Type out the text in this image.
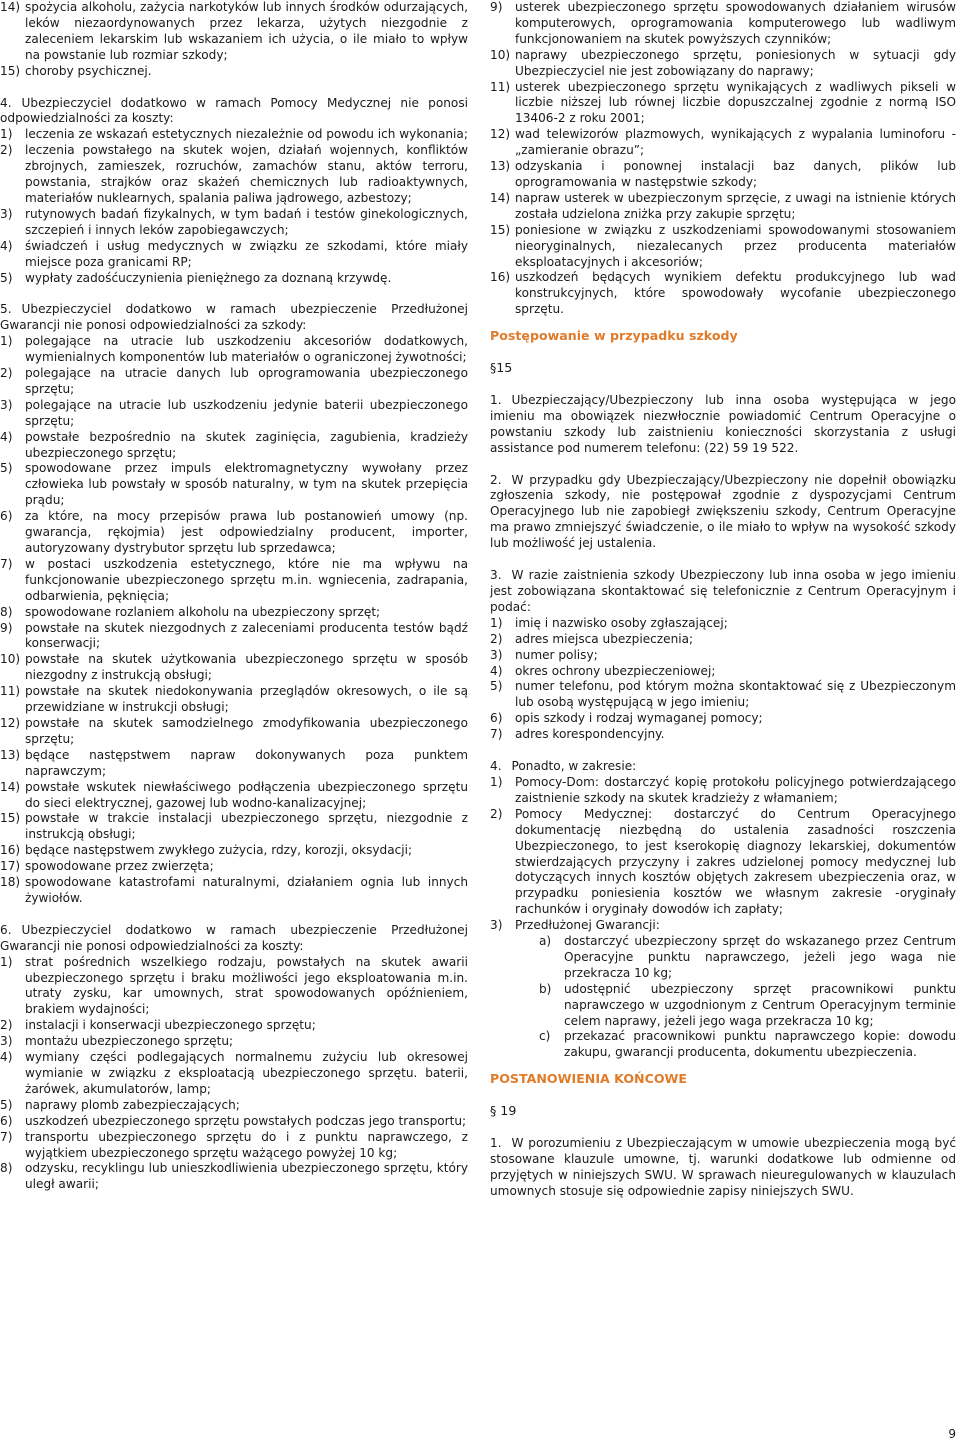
14) spożycia alkoholu, zażycia narkotyków lub innych środków odurzających, leków niezaordynowanych przez lekarza, użytych niezgodnie z zaleceniem lekarskim lub wskazaniem ich użycia, o ile miało to wpływ na powstanie lub rozmiar szkody;
15) choroby psychicznej.
4. Ubezpieczyciel dodatkowo w ramach Pomocy Medycznej nie ponosi odpowiedzialności za koszty:
1) leczenia ze wskazań estetycznych niezależnie od powodu ich wykonania;
2) leczenia powstałego na skutek wojen, działań wojennych, konfliktów zbrojnych, zamieszek, rozruchów, zamachów stanu, aktów terroru, powstania, strajków oraz skażeń chemicznych lub radioaktywnych, materiałów nuklearnych, spalania paliwa jądrowego, azbestozy;
3) rutynowych badań fizykalnych, w tym badań i testów ginekologicznych, szczepień i innych leków zapobiegawczych;
4) świadczeń i usług medycznych w związku ze szkodami, które miały miejsce poza granicami RP;
5) wypłaty zadośćuczynienia pieniężnego za doznaną krzywdę.
5. Ubezpieczyciel dodatkowo w ramach ubezpieczenie Przedłużonej Gwarancji nie ponosi odpowiedzialności za szkody:
1) polegające na utracie lub uszkodzeniu akcesoriów dodatkowych, wymienialnych komponentów lub materiałów o ograniczonej żywotności;
2) polegające na utracie danych lub oprogramowania ubezpieczonego sprzętu;
3) polegające na utracie lub uszkodzeniu jedynie baterii ubezpieczonego sprzętu;
4) powstałe bezpośrednio na skutek zaginięcia, zagubienia, kradzieży ubezpieczonego sprzętu;
5) spowodowane przez impuls elektromagnetyczny wywołany przez człowieka lub powstały w sposób naturalny, w tym na skutek przepięcia prądu;
6) za które, na mocy przepisów prawa lub postanowień umowy (np. gwarancja, rękojmia) jest odpowiedzialny producent, importer, autoryzowany dystrybutor sprzętu lub sprzedawca;
7) w postaci uszkodzenia estetycznego, które nie ma wpływu na funkcjonowanie ubezpieczonego sprzętu m.in. wgniecenia, zadrapania, odbarwienia, pęknięcia;
8) spowodowane rozlaniem alkoholu na ubezpieczony sprzęt;
9) powstałe na skutek niezgodnych z zaleceniami producenta testów bądź konserwacji;
10) powstałe na skutek użytkowania ubezpieczonego sprzętu w sposób niezgodny z instrukcją obsługi;
11) powstałe na skutek niedokonywania przeglądów okresowych, o ile są przewidziane w instrukcji obsługi;
12) powstałe na skutek samodzielnego zmodyfikowania ubezpieczonego sprzętu;
13) będące następstwem napraw dokonywanych poza punktem naprawczym;
14) powstałe wskutek niewłaściwego podłączenia ubezpieczonego sprzętu do sieci elektrycznej, gazowej lub wodno-kanalizacyjnej;
15) powstałe w trakcie instalacji ubezpieczonego sprzętu, niezgodnie z instrukcją obsługi;
16) będące następstwem zwykłego zużycia, rdzy, korozji, oksydacji;
17) spowodowane przez zwierzęta;
18) spowodowane katastrofami naturalnymi, działaniem ognia lub innych żywiołów.
6. Ubezpieczyciel dodatkowo w ramach ubezpieczenie Przedłużonej Gwarancji nie ponosi odpowiedzialności za koszty:
1) strat pośrednich wszelkiego rodzaju, powstałych na skutek awarii ubezpieczonego sprzętu i braku możliwości jego eksploatowania m.in. utraty zysku, kar umownych, strat spowodowanych opóźnieniem, brakiem wydajności;
2) instalacji i konserwacji ubezpieczonego sprzętu;
3) montażu ubezpieczonego sprzętu;
4) wymiany części podlegających normalnemu zużyciu lub okresowej wymianie w związku z eksploatacją ubezpieczonego sprzętu. baterii, żarówek, akumulatorów, lamp;
5) naprawy plomb zabezpieczających;
6) uszkodzeń ubezpieczonego sprzętu powstałych podczas jego transportu;
7) transportu ubezpieczonego sprzętu do i z punktu naprawczego, z wyjątkiem ubezpieczonego sprzętu ważącego powyżej 10 kg;
8) odzysku, recyklingu lub unieszkodliwienia ubezpieczonego sprzętu, który uległ awarii;
9) usterek ubezpieczonego sprzętu spowodowanych działaniem wirusów komputerowych, oprogramowania komputerowego lub wadliwym funkcjonowaniem na skutek powyższych czynników;
10) naprawy ubezpieczonego sprzętu, poniesionych w sytuacji gdy Ubezpieczyciel nie jest zobowiązany do naprawy;
11) usterek ubezpieczonego sprzętu wynikających z wadliwych pikseli w liczbie niższej lub równej liczbie dopuszczalnej zgodnie z normą ISO 13406-2 z roku 2001;
12) wad telewizorów plazmowych, wynikających z wypalania luminoforu - „zamieranie obrazu”;
13) odzyskania i ponownej instalacji baz danych, plików lub oprogramowania w następstwie szkody;
14) napraw usterek w ubezpieczonym sprzęcie, z uwagi na istnienie których została udzielona zniżka przy zakupie sprzętu;
15) poniesione w związku z uszkodzeniami spowodowanymi stosowaniem nieoryginalnych, niezalecanych przez producenta materiałów eksploatacyjnych i akcesoriów;
16) uszkodzeń będących wynikiem defektu produkcyjnego lub wad konstrukcyjnych, które spowodowały wycofanie ubezpieczonego sprzętu.
Postępowanie w przypadku szkody
§15
1. Ubezpieczający/Ubezpieczony lub inna osoba występująca w jego imieniu ma obowiązek niezwłocznie powiadomić Centrum Operacyjne o powstaniu szkody lub zaistnieniu konieczności skorzystania z usługi assistance pod numerem telefonu: (22) 59 19 522.
2. W przypadku gdy Ubezpieczający/Ubezpieczony nie dopełnił obowiązku zgłoszenia szkody, nie postępował zgodnie z dyspozycjami Centrum Operacyjnego lub nie zapobiegł zwiększeniu szkody, Centrum Operacyjne ma prawo zmniejszyć świadczenie, o ile miało to wpływ na wysokość szkody lub możliwość jej ustalenia.
3. W razie zaistnienia szkody Ubezpieczony lub inna osoba w jego imieniu jest zobowiązana skontaktować się telefonicznie z Centrum Operacyjnym i podać:
1) imię i nazwisko osoby zgłaszającej;
2) adres miejsca ubezpieczenia;
3) numer polisy;
4) okres ochrony ubezpieczeniowej;
5) numer telefonu, pod którym można skontaktować się z Ubezpieczonym lub osobą występującą w jego imieniu;
6) opis szkody i rodzaj wymaganej pomocy;
7) adres korespondencyjny.
4. Ponadto, w zakresie:
1) Pomocy-Dom: dostarczyć kopię protokołu policyjnego potwierdzającego zaistnienie szkody na skutek kradzieży z włamaniem;
2) Pomocy Medycznej: dostarczyć do Centrum Operacyjnego dokumentację niezbędną do ustalenia zasadności roszczenia Ubezpieczonego, to jest kserokopię diagnozy lekarskiej, dokumentów stwierdzających przyczyny i zakres udzielonej pomocy medycznej lub dotyczących innych kosztów objętych zakresem ubezpieczenia oraz, w przypadku poniesienia kosztów we własnym zakresie -oryginały rachunków i oryginały dowodów ich zapłaty;
3) Przedłużonej Gwarancji:
a) dostarczyć ubezpieczony sprzęt do wskazanego przez Centrum Operacyjne punktu naprawczego, jeżeli jego waga nie przekracza 10 kg;
b) udostępnić ubezpieczony sprzęt pracownikowi punktu naprawczego w uzgodnionym z Centrum Operacyjnym terminie celem naprawy, jeżeli jego waga przekracza 10 kg;
c) przekazać pracownikowi punktu naprawczego kopie: dowodu zakupu, gwarancji producenta, dokumentu ubezpieczenia.
POSTANOWIENIA KOŃCOWE
§ 19
1. W porozumieniu z Ubezpieczającym w umowie ubezpieczenia mogą być stosowane klauzule umowne, tj. warunki dodatkowe lub odmienne od przyjętych w niniejszych SWU. W sprawach nieuregulowanych w klauzulach umownych stosuje się odpowiednie zapisy niniejszych SWU.
9
